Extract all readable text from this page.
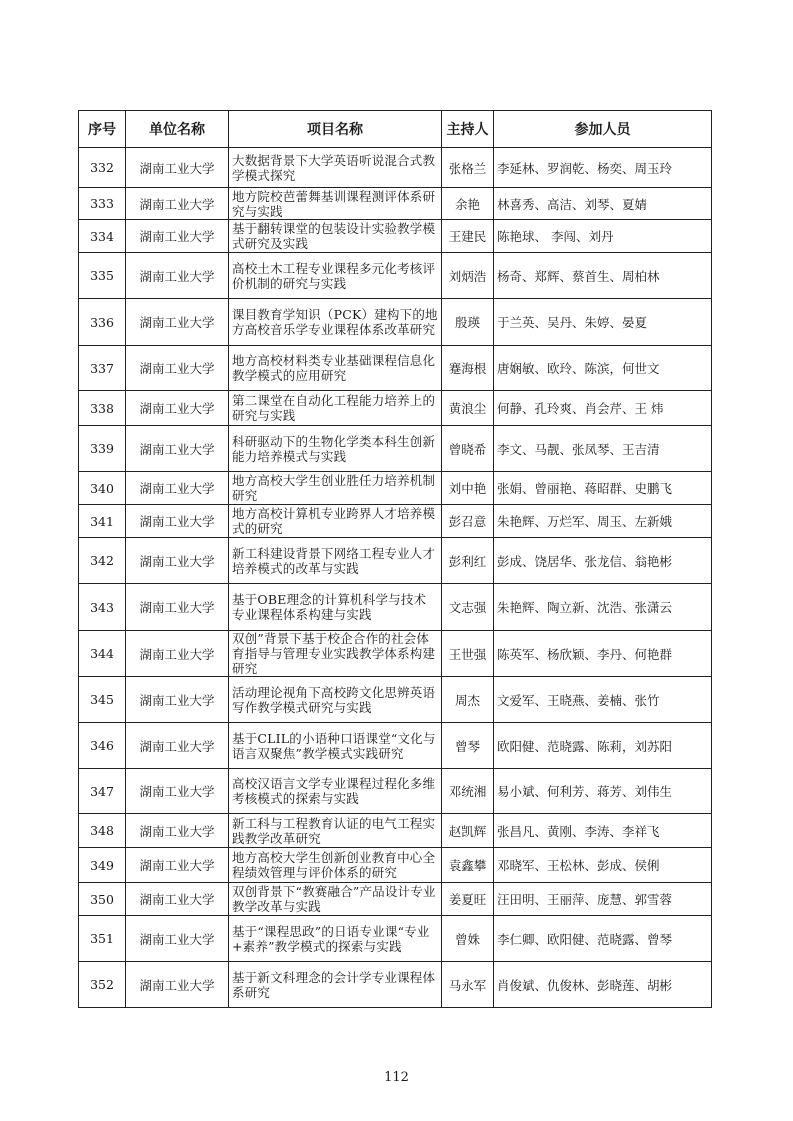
序号	单位名称	项目名称	主持人	参加人员
332	湖南工业大学	大数据背景下大学英语听说混合式教学模式探究	张格兰	李延林、罗润乾、杨奕、周玉玲
333	湖南工业大学	地方院校芭蕾舞基训课程测评体系研究与实践	余艳	林喜秀、高洁、刘琴、夏婧
334	湖南工业大学	基于翻转课堂的包装设计实验教学模式研究及实践	王建民	陈艳球、 李闯、刘丹
335	湖南工业大学	高校土木工程专业课程多元化考核评价机制的研究与实践	刘炳浩	杨奇、郑辉、蔡首生、周柏林
336	湖南工业大学	课目教育学知识（PCK）建构下的地方高校音乐学专业课程体系改革研究	殷瑛	于兰英、吴丹、朱婷、晏夏
337	湖南工业大学	地方高校材料类专业基础课程信息化教学模式的应用研究	蹇海根	唐娴敏、欧玲、陈滨，何世文
338	湖南工业大学	第二课堂在自动化工程能力培养上的研究与实践	黄浪尘	何静、孔玲爽、肖会芹、王 炜
339	湖南工业大学	科研驱动下的生物化学类本科生创新能力培养模式与实践	曾晓希	李文、马靓、张凤琴、王吉清
340	湖南工业大学	地方高校大学生创业胜任力培养机制研究	刘中艳	张娟、曾丽艳、蒋昭群、史鹏飞
341	湖南工业大学	地方高校计算机专业跨界人才培养模式的研究	彭召意	朱艳辉、万烂军、周玉、左新娥
342	湖南工业大学	新工科建设背景下网络工程专业人才培养模式的改革与实践	彭利红	彭成、饶居华、张龙信、翁艳彬
343	湖南工业大学	基于OBE理念的计算机科学与技术专业课程体系构建与实践	文志强	朱艳辉、陶立新、沈浩、张潇云
344	湖南工业大学	双创”背景下基于校企合作的社会体育指导与管理专业实践教学体系构建研究	王世强	陈英军、杨欣颖、李丹、何艳群
345	湖南工业大学	活动理论视角下高校跨文化思辨英语写作教学模式研究与实践	周杰	文爱军、王晓燕、姜楠、张竹
346	湖南工业大学	基于CLIL的小语种口语课堂“文化与语言双聚焦”教学模式实践研究	曾琴	欧阳健、范晓露、陈莉，刘苏阳
347	湖南工业大学	高校汉语言文学专业课程过程化多维考核模式的探索与实践	邓统湘	易小斌、何利芳、蒋芳、刘伟生
348	湖南工业大学	新工科与工程教育认证的电气工程实践教学改革研究	赵凯辉	张昌凡、黄刚、李涛、李祥飞
349	湖南工业大学	地方高校大学生创新创业教育中心全程绩效管理与评价体系的研究	袁鑫攀	邓晓军、王松林、彭成、侯俐
350	湖南工业大学	双创背景下“教赛融合”产品设计专业教学改革与实践	姜夏旺	汪田明、王丽萍、庞慧、郭雪蓉
351	湖南工业大学	基于“课程思政”的日语专业课“专业+素养”教学模式的探索与实践	曾姝	李仁卿、欧阳健、范晓露、曾琴
352	湖南工业大学	基于新文科理念的会计学专业课程体系研究	马永军	肖俊斌、仇俊林、彭晓莲、胡彬
112
